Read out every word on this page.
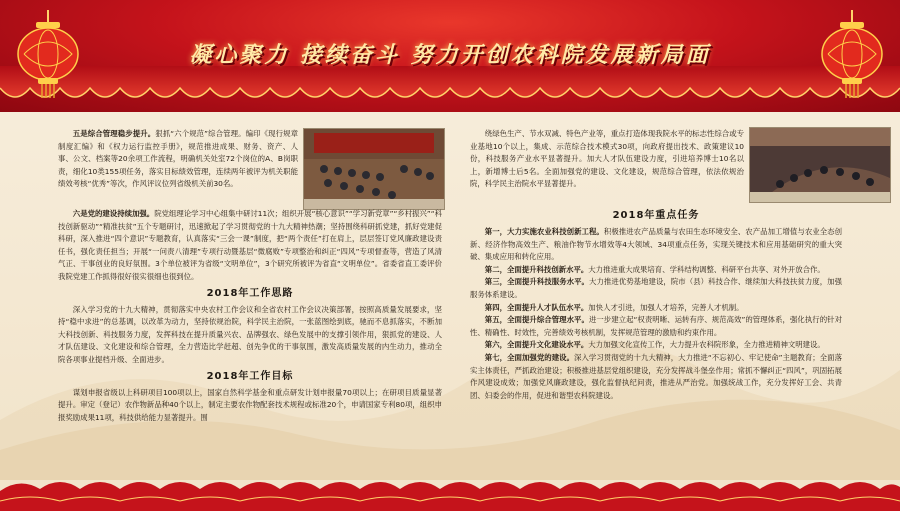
凝心聚力 接续奋斗 努力开创农科院发展新局面

五是综合管理稳步提升。狠抓“六个规范”综合管理。编印《现行规章制度汇编》和《权力运行监控手册》，规范推进成果、财务、资产、人事、公文、档案等20余项工作流程，明确机关处室72个岗位的A、B岗职责，细化10类155项任务，落实目标绩效管理，连续两年被评为机关职能绩效考核“优秀”等次，作风评议位列省级机关前30名。

六是党的建设持续加强。院党组理论学习中心组集中研讨11次；组织开展“核心意识”“学习新党章”“乡村振兴”“科技创新驱动”“精准扶贫”五个专题研讨，迅速掀起了学习贯彻党的十九大精神热潮；坚持围绕科研抓党建，抓好党建促科研，深入推进“四个意识”专题教育，认真落实“三会一课”制度，把“两个责任”打在肩上，层层签订党风廉政建设责任书，强化责任担当；开展“一问责八清理”专项行动暨基层“微腐败”专项整治和纠正“四风”专项督查等，营造了风清气正、干事创业的良好氛围。3个单位被评为省级“文明单位”，3个研究所被评为省直“文明单位”。省委省直工委评价我院党建工作抓得很好很实很细也很到位。

2018年工作思路

深入学习党的十九大精神，贯彻落实中央农村工作会议和全省农村工作会议决策部署，按照高质量发展要求，坚持“稳中求进”的总基调，以改革为动力，坚持依规治院，科学民主治院，一张蓝图绘到底，驰而不息抓落实，不断加大科技创新、科技服务力度，发挥科技在提升质量兴农、品牌强农、绿色发展中的支撑引领作用，狠抓党的建设、人才队伍建设、文化建设和综合管理，全力营造比学赶超、创先争优的干事氛围，激发高质量发展的内生动力，推动全院各项事业提档升级、全面进步。

2018年工作目标

谋划申报省级以上科研项目100项以上，国家自然科学基金和重点研发计划申报量70项以上；在研项目质量显著提升。审定（登记）农作物新品种40个以上，制定主要农作物配套技术规程或标准20个，申请国家专利80项，组织申报奖励成果11项，科技供给能力显著提升。围

绕绿色生产、节水双减、特色产业等，重点打造体现我院水平的标志性综合或专业基地10个以上，集成、示范综合技术模式30项，向政府提出技术、政策建议10份，科技服务产业水平显著提升。加大人才队伍建设力度，引进培养博士10名以上，新增博士后5名。全面加强党的建设、文化建设，规范综合管理，依法依规治院，科学民主治院水平显著提升。

2018年重点任务

第一，大力实施农业科技创新工程。积极推进农产品质量与农田生态环境安全、农产品加工增值与农业全态创新、经济作物高效生产、粮油作物节水增效等4大领域、34项重点任务，实现关键技术和应用基础研究的重大突破、集成应用和转化应用。

第二，全面提升科技创新水平。大力推进重大成果培育、学科结构调整、科研平台共享、对外开放合作。

第三，全面提升科技服务水平。大力推进优势基地建设，院市（县）科技合作、继续加大科技扶贫力度，加强服务体系建设。

第四，全面提升人才队伍水平。加快人才引进，加强人才培养，完善人才机制。

第五，全面提升综合管理水平。进一步建立起“权责明晰、运转有序、规范高效”的管理体系，强化执行的针对性、精确性、时效性，完善绩效考核机制，发挥规范管理的激励和约束作用。

第六，全面提升文化建设水平。大力加强文化宣传工作，大力提升农科院形象，全力推进精神文明建设。

第七，全面加强党的建设。深入学习贯彻党的十九大精神，大力推进“不忘初心、牢记使命”主题教育；全面落实主体责任，严抓政治建设；积极推进基层党组织建设，充分发挥战斗堡垒作用；常抓不懈纠正“四风”，巩固拓展作风建设成效；加强党风廉政建设，强化监督执纪问责，推进从严治党。加强统战工作，充分发挥好工会、共青团、妇委会的作用，促进和谐型农科院建设。
